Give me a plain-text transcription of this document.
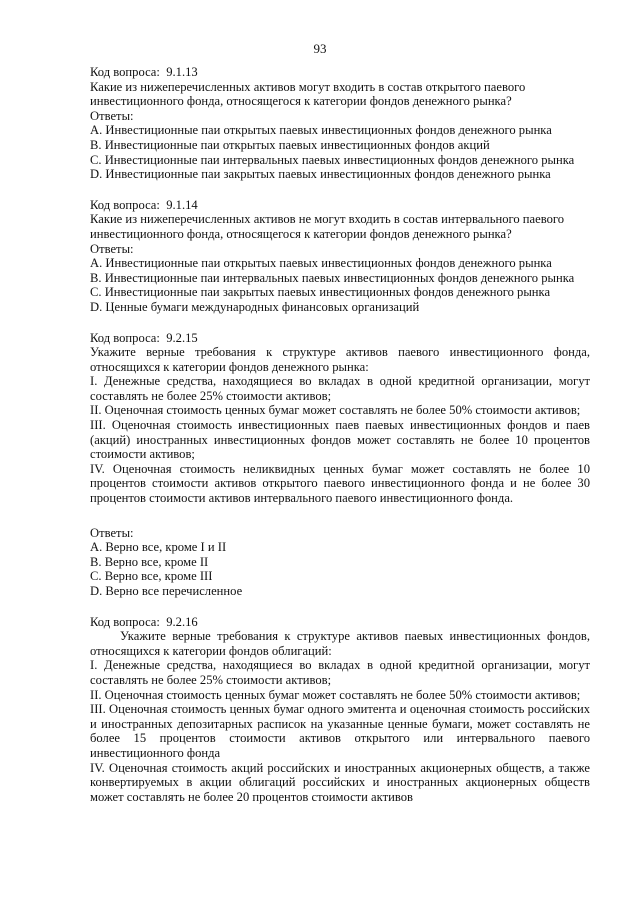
93

Код вопроса: 9.1.13

Какие из нижеперечисленных активов могут входить в состав открытого паевого

инвестиционного фонда, относящегося к категории фондов денежного рынка?

Ответы:

A. Инвестиционные паи открытых паевых инвестиционных фондов денежного рынка

B. Инвестиционные паи открытых паевых инвестиционных фондов акций

C. Инвестиционные паи интервальных паевых инвестиционных фондов денежного рынка

D. Инвестиционные паи закрытых паевых инвестиционных фондов денежного рынка

Код вопроса: 9.1.14

Какие из нижеперечисленных активов не могут входить в состав интервального паевого

инвестиционного фонда, относящегося к категории фондов денежного рынка?

Ответы:

A. Инвестиционные паи открытых паевых инвестиционных фондов денежного рынка

B. Инвестиционные паи интервальных паевых инвестиционных фондов денежного рынка

C. Инвестиционные паи закрытых паевых инвестиционных фондов денежного рынка

D. Ценные бумаги международных финансовых организаций

Код вопроса: 9.2.15

Укажите верные требования к структуре активов паевого инвестиционного фонда, относящихся к категории фондов денежного рынка:

I. Денежные средства, находящиеся во вкладах в одной кредитной организации, могут составлять не более 25% стоимости активов;

II. Оценочная стоимость ценных бумаг может составлять не более 50% стоимости активов;

III. Оценочная стоимость инвестиционных паев паевых инвестиционных фондов и паев (акций) иностранных инвестиционных фондов может составлять не более 10 процентов стоимости активов;

IV. Оценочная стоимость неликвидных ценных бумаг может составлять не более 10 процентов стоимости активов открытого паевого инвестиционного фонда и не более 30 процентов стоимости активов интервального паевого инвестиционного фонда.

Ответы:

A. Верно все, кроме I и II

B. Верно все, кроме II

C. Верно все, кроме III

D. Верно все перечисленное

Код вопроса: 9.2.16

Укажите верные требования к структуре активов паевых инвестиционных фондов, относящихся к категории фондов облигаций:

I. Денежные средства, находящиеся во вкладах в одной кредитной организации, могут составлять не более 25% стоимости активов;

II. Оценочная стоимость ценных бумаг может составлять не более 50% стоимости активов;

III. Оценочная стоимость ценных бумаг одного эмитента и оценочная стоимость российских и иностранных депозитарных расписок на указанные ценные бумаги, может составлять не более 15 процентов стоимости активов открытого или интервального паевого инвестиционного фонда

IV. Оценочная стоимость акций российских и иностранных акционерных обществ, а также конвертируемых в акции облигаций российских и иностранных акционерных обществ может составлять не более 20 процентов стоимости активов
